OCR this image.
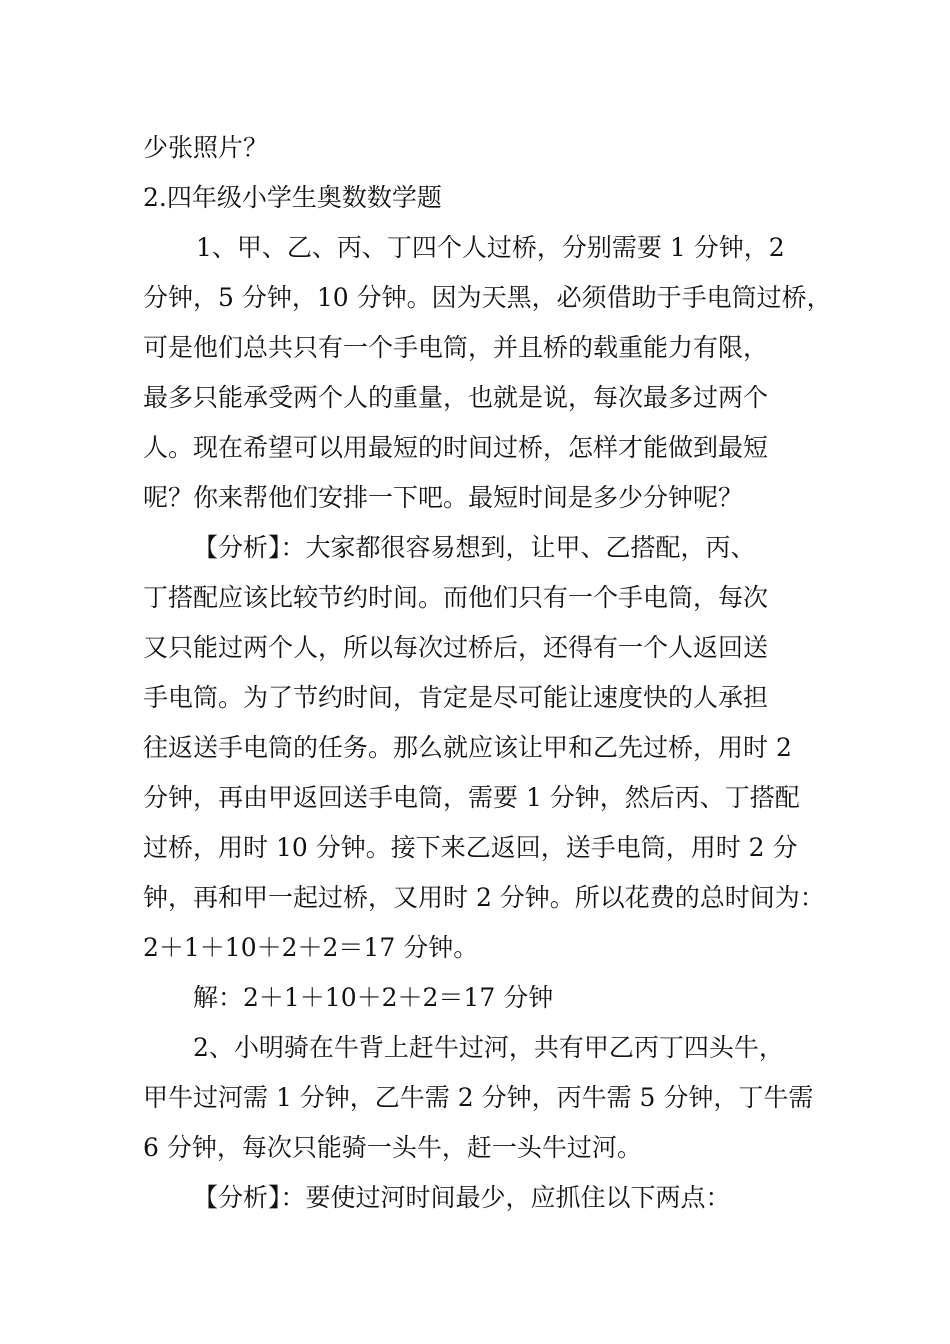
少张照片？
2.四年级小学生奥数数学题
1、甲、乙、丙、丁四个人过桥，分别需要 1 分钟，2
分钟，5 分钟，10 分钟。因为天黑，必须借助于手电筒过桥，
可是他们总共只有一个手电筒，并且桥的载重能力有限，
最多只能承受两个人的重量，也就是说，每次最多过两个
人。现在希望可以用最短的时间过桥，怎样才能做到最短
呢？你来帮他们安排一下吧。最短时间是多少分钟呢？
【分析】：大家都很容易想到，让甲、乙搭配，丙、
丁搭配应该比较节约时间。而他们只有一个手电筒，每次
又只能过两个人，所以每次过桥后，还得有一个人返回送
手电筒。为了节约时间，肯定是尽可能让速度快的人承担
往返送手电筒的任务。那么就应该让甲和乙先过桥，用时 2
分钟，再由甲返回送手电筒，需要 1 分钟，然后丙、丁搭配
过桥，用时 10 分钟。接下来乙返回，送手电筒，用时 2 分
钟，再和甲一起过桥，又用时 2 分钟。所以花费的总时间为：
2＋1＋10＋2＋2＝17 分钟。
解：2＋1＋10＋2＋2＝17 分钟
2、小明骑在牛背上赶牛过河，共有甲乙丙丁四头牛，
甲牛过河需 1 分钟，乙牛需 2 分钟，丙牛需 5 分钟，丁牛需
6 分钟，每次只能骑一头牛，赶一头牛过河。
【分析】：要使过河时间最少，应抓住以下两点：
